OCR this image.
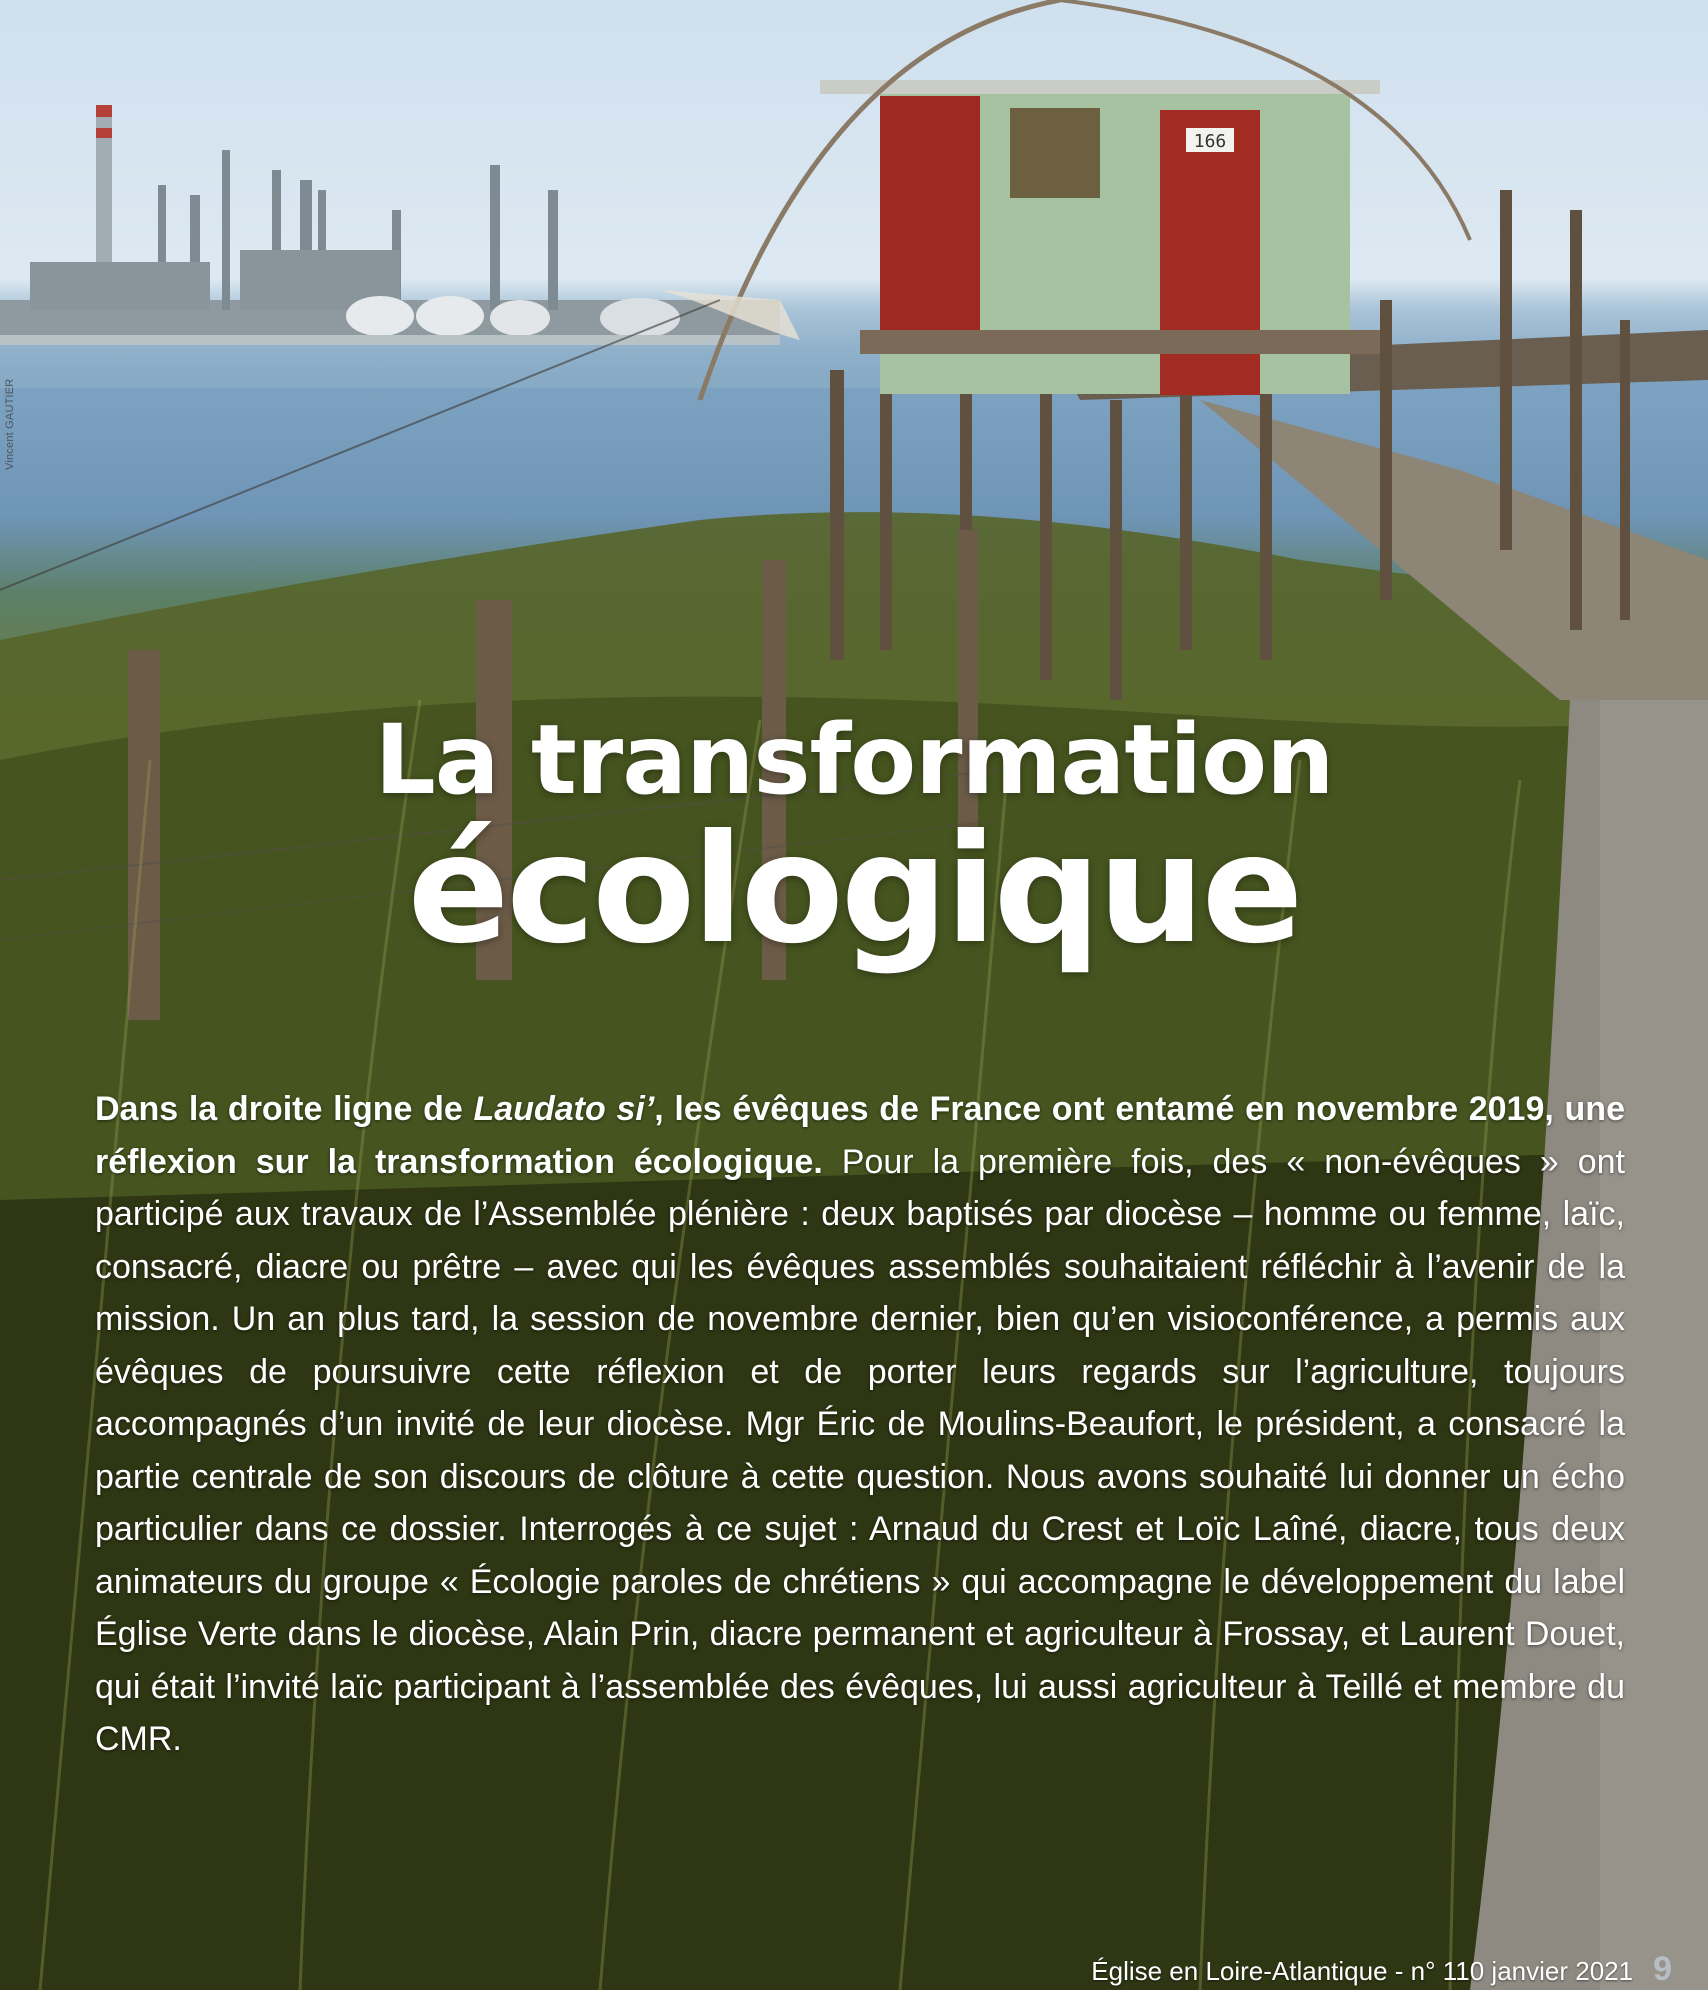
166
Vincent GAUTIER
La transformation
écologique

Dans la droite ligne de Laudato si’, les évêques de France ont entamé en novembre 2019, une réflexion sur la transformation écologique. Pour la première fois, des « non-évêques » ont participé aux travaux de l’Assemblée plénière : deux baptisés par diocèse – homme ou femme, laïc, consacré, diacre ou prêtre – avec qui les évêques assemblés souhaitaient réfléchir à l’avenir de la mission. Un an plus tard, la session de novembre dernier, bien qu’en visioconférence, a permis aux évêques de poursuivre cette réflexion et de porter leurs regards sur l’agriculture, toujours accompagnés d’un invité de leur diocèse. Mgr Éric de Moulins-Beaufort, le président, a consacré la partie centrale de son discours de clôture à cette question. Nous avons souhaité lui donner un écho particulier dans ce dossier. Interrogés à ce sujet : Arnaud du Crest et Loïc Laîné, diacre, tous deux animateurs du groupe « Écologie paroles de chrétiens » qui accompagne le développement du label Église Verte dans le diocèse, Alain Prin, diacre permanent et agriculteur à Frossay, et Laurent Douet, qui était l’invité laïc participant à l’assemblée des évêques, lui aussi agriculteur à Teillé et membre du CMR.

Église en Loire-Atlantique - n° 110 janvier 2021 9
